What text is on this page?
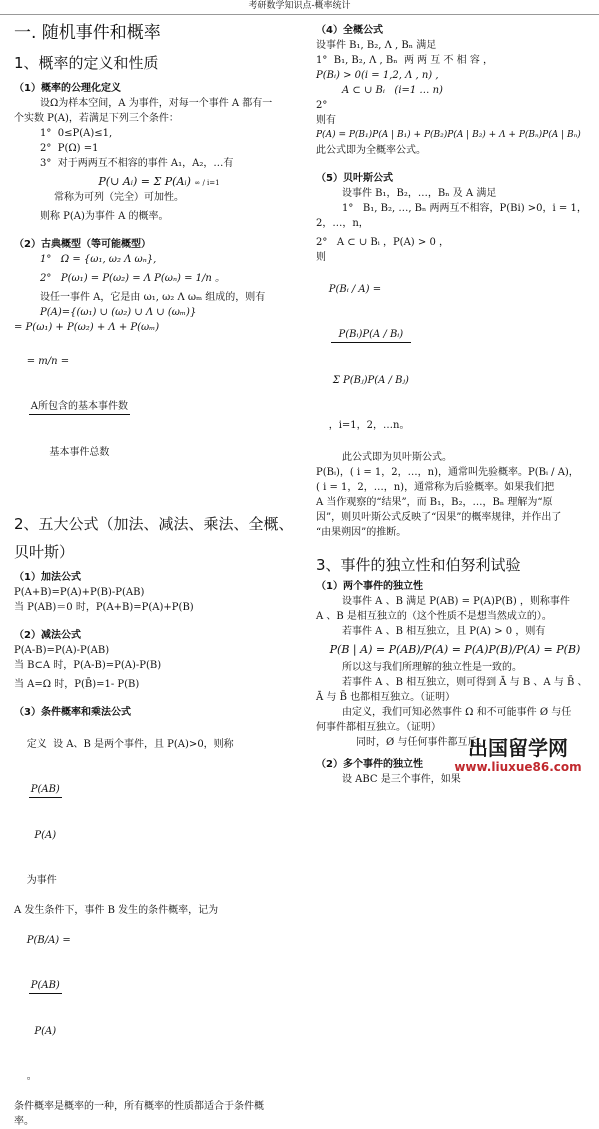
考研数学知识点-概率统计
一. 随机事件和概率
1、概率的定义和性质
（1）概率的公理化定义

设Ω为样本空间，A 为事件，对每一个事件 A 都有一

个实数 P(A)，若满足下列三个条件：

1°  0≤P(A)≤1,

2°  P(Ω) =1

3°  对于两两互不相容的事件 A₁，A₂，…有

P(∪ Aᵢ) = Σ P(Aᵢ) ∞ / i=1

常称为可列（完全）可加性。

则称 P(A)为事件 A 的概率。

（2）古典概型（等可能概型）

1°   Ω = {ω₁, ω₂ Λ ωₙ},

2°   P(ω₁) = P(ω₂) = Λ P(ωₙ) = 1/n 。

设任一事件 A，它是由 ω₁, ω₂ Λ ωₘ 组成的，则有

P(A)={(ω₁) ∪ (ω₂) ∪ Λ ∪ (ωₘ)}

= P(ω₁) + P(ω₂) + Λ + P(ωₘ)

= m/n =

$\frac{\text{A所包含的基本事件数}}{\text{基本事件总数}}$

2、五大公式（加法、减法、乘法、全概、
贝叶斯）
（1）加法公式

P(A+B)=P(A)+P(B)-P(AB)

当 P(AB)＝0 时，P(A+B)=P(A)+P(B)

（2）减法公式

P(A-B)=P(A)-P(AB)

当 B⊂A 时，P(A-B)=P(A)-P(B)

当 A=Ω 时，P(B̄)=1- P(B)

（3）条件概率和乘法公式

定义  设 A、B 是两个事件，且 P(A)>0，则称

$\frac{P(AB)}{P(A)}$

为事件

A 发生条件下，事件 B 发生的条件概率，记为

P(B/A) =

$\frac{P(AB)}{P(A)}$

。

条件概率是概率的一种，所有概率的性质都适合于条件概

率。

（4）全概公式

设事件 B₁, B₂, Λ , Bₙ 满足

1°  B₁, B₂, Λ , Bₙ  两 两 互 不 相 容 ，

P(Bᵢ) > 0(i = 1,2, Λ , n) ,

A ⊂ ∪ Bᵢ   (i=1 … n)

2°

则有

P(A) = P(B₁)P(A | B₁) + P(B₂)P(A | B₂) + Λ + P(Bₙ)P(A | Bₙ)

此公式即为全概率公式。

（5）贝叶斯公式

设事件 B₁，B₂，…，Bₙ 及 A 满足

1°   B₁, B₂, …, Bₙ 两两互不相容，P(Bi) >0，i = 1，

2，…，n，

2°   A ⊂ ∪ Bᵢ ，P(A) > 0 ，

则

P(Bᵢ / A) =

$\frac{\text{P(Bᵢ)P(A / Bᵢ)}}{\text{Σ P(Bⱼ)P(A / Bⱼ)}}$

，i=1，2，…n。

此公式即为贝叶斯公式。

P(Bᵢ)，( i = 1，2，…，n)，通常叫先验概率。P(Bᵢ / A)，

( i = 1，2，…，n)，通常称为后验概率。如果我们把

A 当作观察的“结果”，而 B₁，B₂，…，Bₙ 理解为“原

因”，则贝叶斯公式反映了“因果”的概率规律，并作出了

“由果朔因”的推断。

3、事件的独立性和伯努利试验
（1）两个事件的独立性

设事件 A 、B 满足 P(AB) = P(A)P(B) ，则称事件

A 、B 是相互独立的（这个性质不是想当然成立的）。

若事件 A 、B 相互独立，且 P(A) > 0 ，则有

P(B | A) = P(AB)/P(A) = P(A)P(B)/P(A) = P(B)

所以这与我们所理解的独立性是一致的。

若事件 A 、B 相互独立，则可得到 Ā 与 B 、A 与 B̄ 、

Ā 与 B̄ 也都相互独立。（证明）

由定义，我们可知必然事件 Ω 和不可能事件 Ø 与任

何事件都相互独立。（证明）

同时，Ø 与任何事件都互斥。

（2）多个事件的独立性

设 ABC 是三个事件，如果

出国留学网
www.liuxue86.com
